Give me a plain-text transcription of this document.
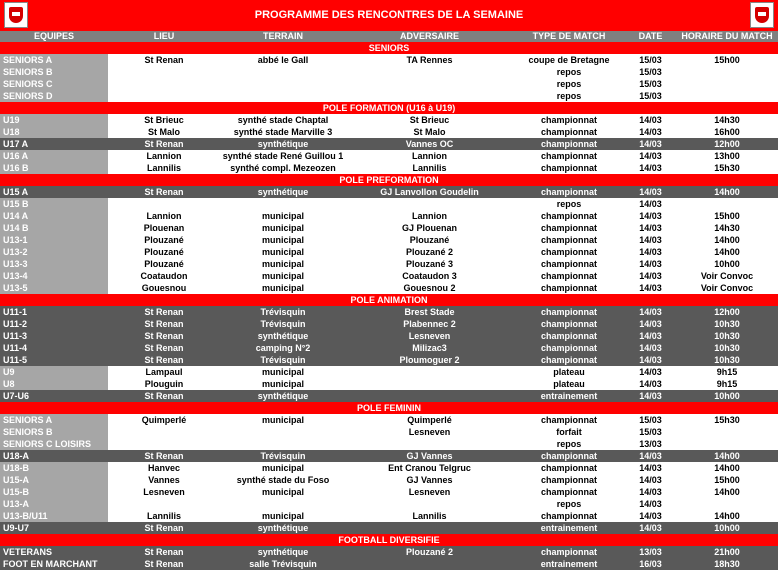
PROGRAMME DES RENCONTRES DE LA SEMAINE
EQUIPES	LIEU	TERRAIN	ADVERSAIRE	TYPE DE MATCH	DATE	HORAIRE DU MATCH
SENIORS						
SENIORS A	St Renan	abbé le Gall	TA Rennes	coupe de Bretagne	15/03	15h00
SENIORS B				repos	15/03	
SENIORS C				repos	15/03	
SENIORS D				repos	15/03	
POLE FORMATION (U16 à U19)						
U19	St Brieuc	synthé stade Chaptal	St Brieuc	championnat	14/03	14h30
U18	St Malo	synthé stade Marville 3	St Malo	championnat	14/03	16h00
U17 A	St Renan	synthétique	Vannes OC	championnat	14/03	12h00
U16 A	Lannion	synthé stade René Guillou 1	Lannion	championnat	14/03	13h00
U16 B	Lannilis	synthé compl. Mezeozen	Lannilis	championnat	14/03	15h30
POLE PREFORMATION						
U15 A	St Renan	synthétique	GJ Lanvollon Goudelin	championnat	14/03	14h00
U15 B				repos	14/03	
U14 A	Lannion	municipal	Lannion	championnat	14/03	15h00
U14 B	Plouenan	municipal	GJ Plouenan	championnat	14/03	14h30
U13-1	Plouzané	municipal	Plouzané	championnat	14/03	14h00
U13-2	Plouzané	municipal	Plouzané 2	championnat	14/03	14h00
U13-3	Plouzané	municipal	Plouzané 3	championnat	14/03	10h00
U13-4	Coataudon	municipal	Coataudon 3	championnat	14/03	Voir Convoc
U13-5	Gouesnou	municipal	Gouesnou 2	championnat	14/03	Voir Convoc
POLE ANIMATION						
U11-1	St Renan	Trévisquin	Brest Stade	championnat	14/03	12h00
U11-2	St Renan	Trévisquin	Plabennec 2	championnat	14/03	10h30
U11-3	St Renan	synthétique	Lesneven	championnat	14/03	10h30
U11-4	St Renan	camping N°2	Milizac3	championnat	14/03	10h30
U11-5	St Renan	Trévisquin	Ploumoguer 2	championnat	14/03	10h30
U9	Lampaul	municipal		plateau	14/03	9h15
U8	Plouguin	municipal		plateau	14/03	9h15
U7-U6	St Renan	synthétique		entrainement	14/03	10h00
POLE FEMININ						
SENIORS A	Quimperlé	municipal	Quimperlé	championnat	15/03	15h30
SENIORS B			Lesneven	forfait	15/03	
SENIORS C LOISIRS				repos	13/03	
U18-A	St Renan	Trévisquin	GJ Vannes	championnat	14/03	14h00
U18-B	Hanvec	municipal	Ent Cranou Telgruc	championnat	14/03	14h00
U15-A	Vannes	synthé stade du Foso	GJ Vannes	championnat	14/03	15h00
U15-B	Lesneven	municipal	Lesneven	championnat	14/03	14h00
U13-A				repos	14/03	
U13-B/U11	Lannilis	municipal	Lannilis	championnat	14/03	14h00
U9-U7	St Renan	synthétique		entrainement	14/03	10h00
FOOTBALL DIVERSIFIE						
VETERANS	St Renan	synthétique	Plouzané 2	championnat	13/03	21h00
FOOT EN MARCHANT	St Renan	salle Trévisquin		entrainement	16/03	18h30
